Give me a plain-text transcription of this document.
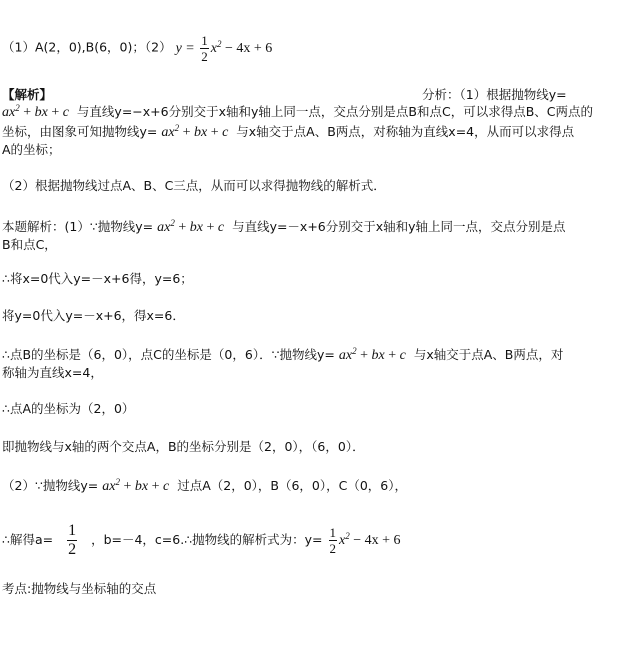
（1）A(2，0),B(6，0)；（2） $y = \frac{1}{2} x^2 - 4x + 6$
【解析】	分析：（1）根据抛物线y=
$ax^2$ + bx + c 与直线y=−x+6分别交于x轴和y轴上同一点，交点分别是点B和点C，可以求得点B、C两点的
坐标，由图象可知抛物线$y= ax^2$ + bx + c 与x轴交于点A、B两点，对称轴为直线x=4，从而可以求得点
A的坐标；
（2）根据抛物线过点A、B、C三点，从而可以求得抛物线的解析式．
本题解析：(1）∵抛物线$y= ax^2$ + bx + c 与直线y=－x+6分别交于x轴和y轴上同一点，交点分别是点
B和点C，
∴将x=0代入y=－x+6得，y=6；
将y=0代入y=－x+6，得x=6．
∴点B的坐标是（6，0），点C的坐标是（0，6）．∵抛物线$y= ax^2$ + bx + c 与x轴交于点A、B两点，对
称轴为直线x=4，
∴点A的坐标为（2，0）
即抛物线与x轴的两个交点A，B的坐标分别是（2，0），（6，0）．
（2）∵抛物线$y= ax^2$ + bx + c 过点A（2，0），B（6，0），C（0，6），
∴解得$a= \frac{1}{2}$ ，b=－4，c=6.∴抛物线的解析式为：$y= \frac{1}{2} x^2 - 4x + 6$
考点:抛物线与坐标轴的交点
